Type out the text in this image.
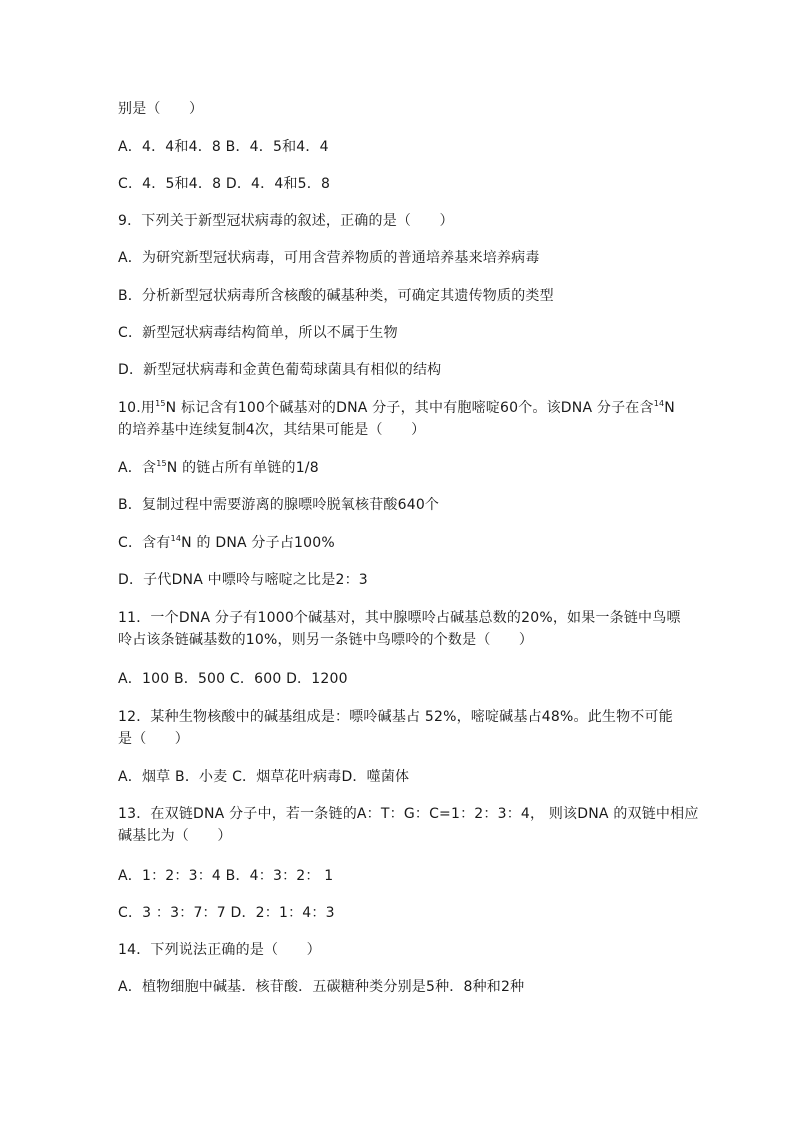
别是（　　）
A．4．4和4．8 B．4．5和4．4
C．4．5和4．8 D．4．4和5．8
9．下列关于新型冠状病毒的叙述，正确的是（　　）
A．为研究新型冠状病毒，可用含营养物质的普通培养基来培养病毒
B．分析新型冠状病毒所含核酸的碱基种类，可确定其遗传物质的类型
C．新型冠状病毒结构简单，所以不属于生物
D．新型冠状病毒和金黄色葡萄球菌具有相似的结构
10.用$^{15}$N 标记含有100个碱基对的DNA 分子，其中有胞嘧啶60个。该DNA 分子在含$^{14}$N
的培养基中连续复制4次，其结果可能是（　　）
A．含$^{15}$N 的链占所有单链的1/8
B．复制过程中需要游离的腺嘌呤脱氧核苷酸640个
C．含有$^{14}$N 的 DNA 分子占100%
D．子代DNA 中嘌呤与嘧啶之比是2：3
11．一个DNA 分子有1000个碱基对，其中腺嘌呤占碱基总数的20%，如果一条链中鸟嘌
呤占该条链碱基数的10%，则另一条链中鸟嘌呤的个数是（　　）
A．100 B．500 C．600 D．1200
12．某种生物核酸中的碱基组成是：嘌呤碱基占 52%，嘧啶碱基占48%。此生物不可能
是（　　）
A．烟草 B．小麦 C．烟草花叶病毒D．噬菌体
13．在双链DNA 分子中，若一条链的A：T：G：C=1：2：3：4， 则该DNA 的双链中相应
碱基比为（　　）
A．1：2：3：4 B．4：3：2： 1
C．3 ：3：7：7 D．2：1：4：3
14．下列说法正确的是（　　）
A．植物细胞中碱基．核苷酸．五碳糖种类分别是5种．8种和2种
